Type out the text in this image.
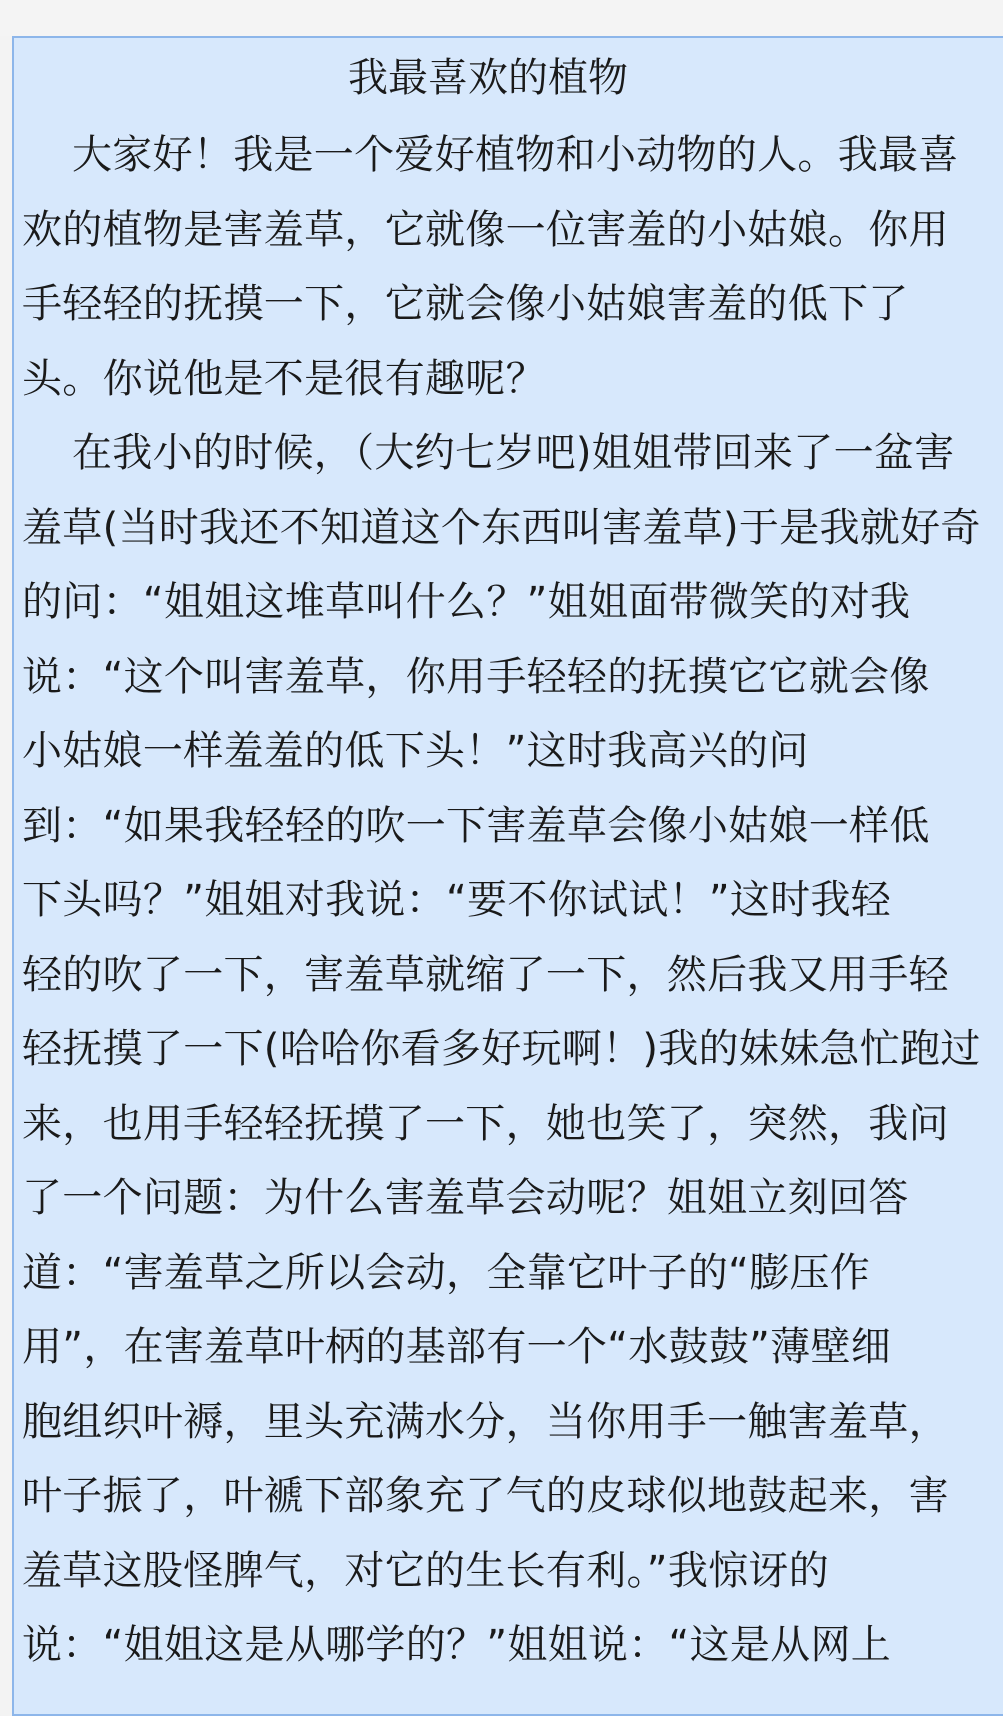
我最喜欢的植物
大家好！我是一个爱好植物和小动物的人。我最喜
欢的植物是害羞草，它就像一位害羞的小姑娘。你用
手轻轻的抚摸一下，它就会像小姑娘害羞的低下了
头。你说他是不是很有趣呢？
在我小的时候，（大约七岁吧)姐姐带回来了一盆害
羞草(当时我还不知道这个东西叫害羞草)于是我就好奇
的问：“姐姐这堆草叫什么？”姐姐面带微笑的对我
说：“这个叫害羞草，你用手轻轻的抚摸它它就会像
小姑娘一样羞羞的低下头！”这时我高兴的问
到：“如果我轻轻的吹一下害羞草会像小姑娘一样低
下头吗？”姐姐对我说：“要不你试试！”这时我轻
轻的吹了一下，害羞草就缩了一下，然后我又用手轻
轻抚摸了一下(哈哈你看多好玩啊！)我的妹妹急忙跑过
来，也用手轻轻抚摸了一下，她也笑了，突然，我问
了一个问题：为什么害羞草会动呢？姐姐立刻回答
道：“害羞草之所以会动，全靠它叶子的“膨压作
用”，在害羞草叶柄的基部有一个“水鼓鼓”薄壁细
胞组织叶褥，里头充满水分，当你用手一触害羞草，
叶子振了，叶褫下部象充了气的皮球似地鼓起来，害
羞草这股怪脾气，对它的生长有利。”我惊讶的
说：“姐姐这是从哪学的？”姐姐说：“这是从网上
